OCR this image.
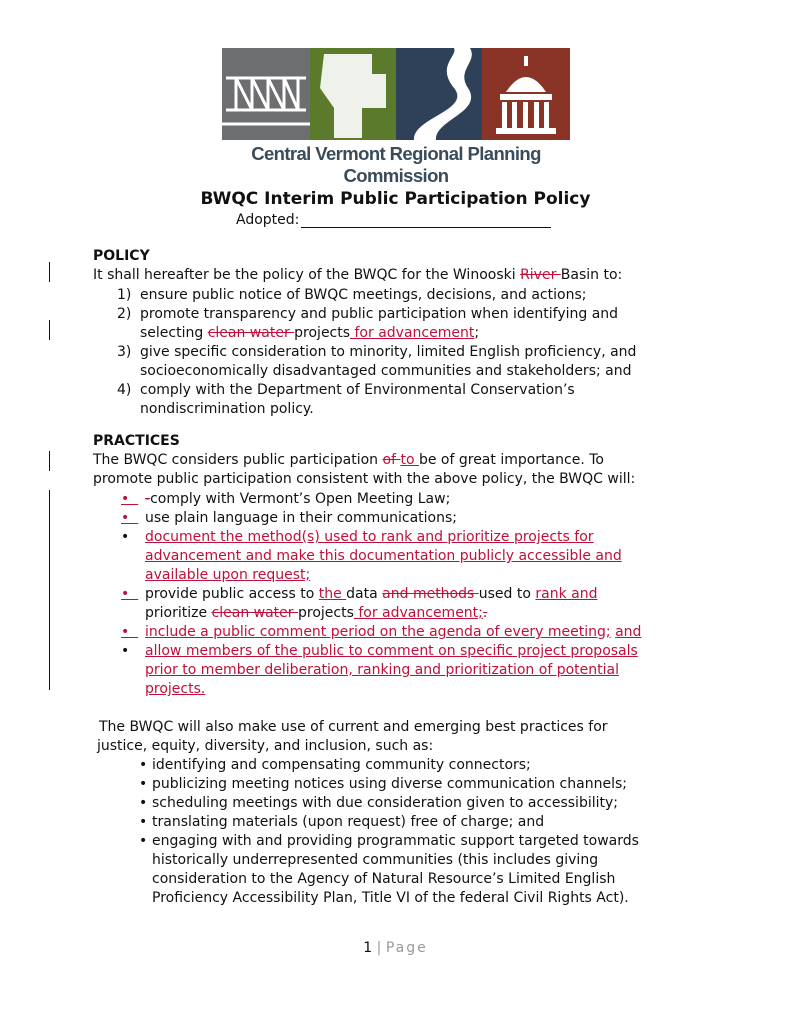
Central Vermont Regional Planning Commission
BWQC Interim Public Participation Policy
Adopted:
POLICY
It shall hereafter be the policy of the BWQC for the Winooski River Basin to:
1) ensure public notice of BWQC meetings, decisions, and actions;
2) promote transparency and public participation when identifying and
selecting clean water projects for advancement;
3) give specific consideration to minority, limited English proficiency, and
socioeconomically disadvantaged communities and stakeholders; and
4) comply with the Department of Environmental Conservation’s
nondiscrimination policy.
PRACTICES
The BWQC considers public participation of to be of great importance. To
promote public participation consistent with the above policy, the BWQC will:
• -comply with Vermont’s Open Meeting Law;
• use plain language in their communications;
• document the method(s) used to rank and prioritize projects for
advancement and make this documentation publicly accessible and
available upon request;
• provide public access to the data and methods used to rank and
prioritize clean water projects for advancement;.
• include a public comment period on the agenda of every meeting; and
• allow members of the public to comment on specific project proposals
prior to member deliberation, ranking and prioritization of potential
projects.
The BWQC will also make use of current and emerging best practices for
justice, equity, diversity, and inclusion, such as:
• identifying and compensating community connectors;
• publicizing meeting notices using diverse communication channels;
• scheduling meetings with due consideration given to accessibility;
• translating materials (upon request) free of charge; and
• engaging with and providing programmatic support targeted towards
historically underrepresented communities (this includes giving
consideration to the Agency of Natural Resource’s Limited English
Proficiency Accessibility Plan, Title VI of the federal Civil Rights Act).
1 | Page
